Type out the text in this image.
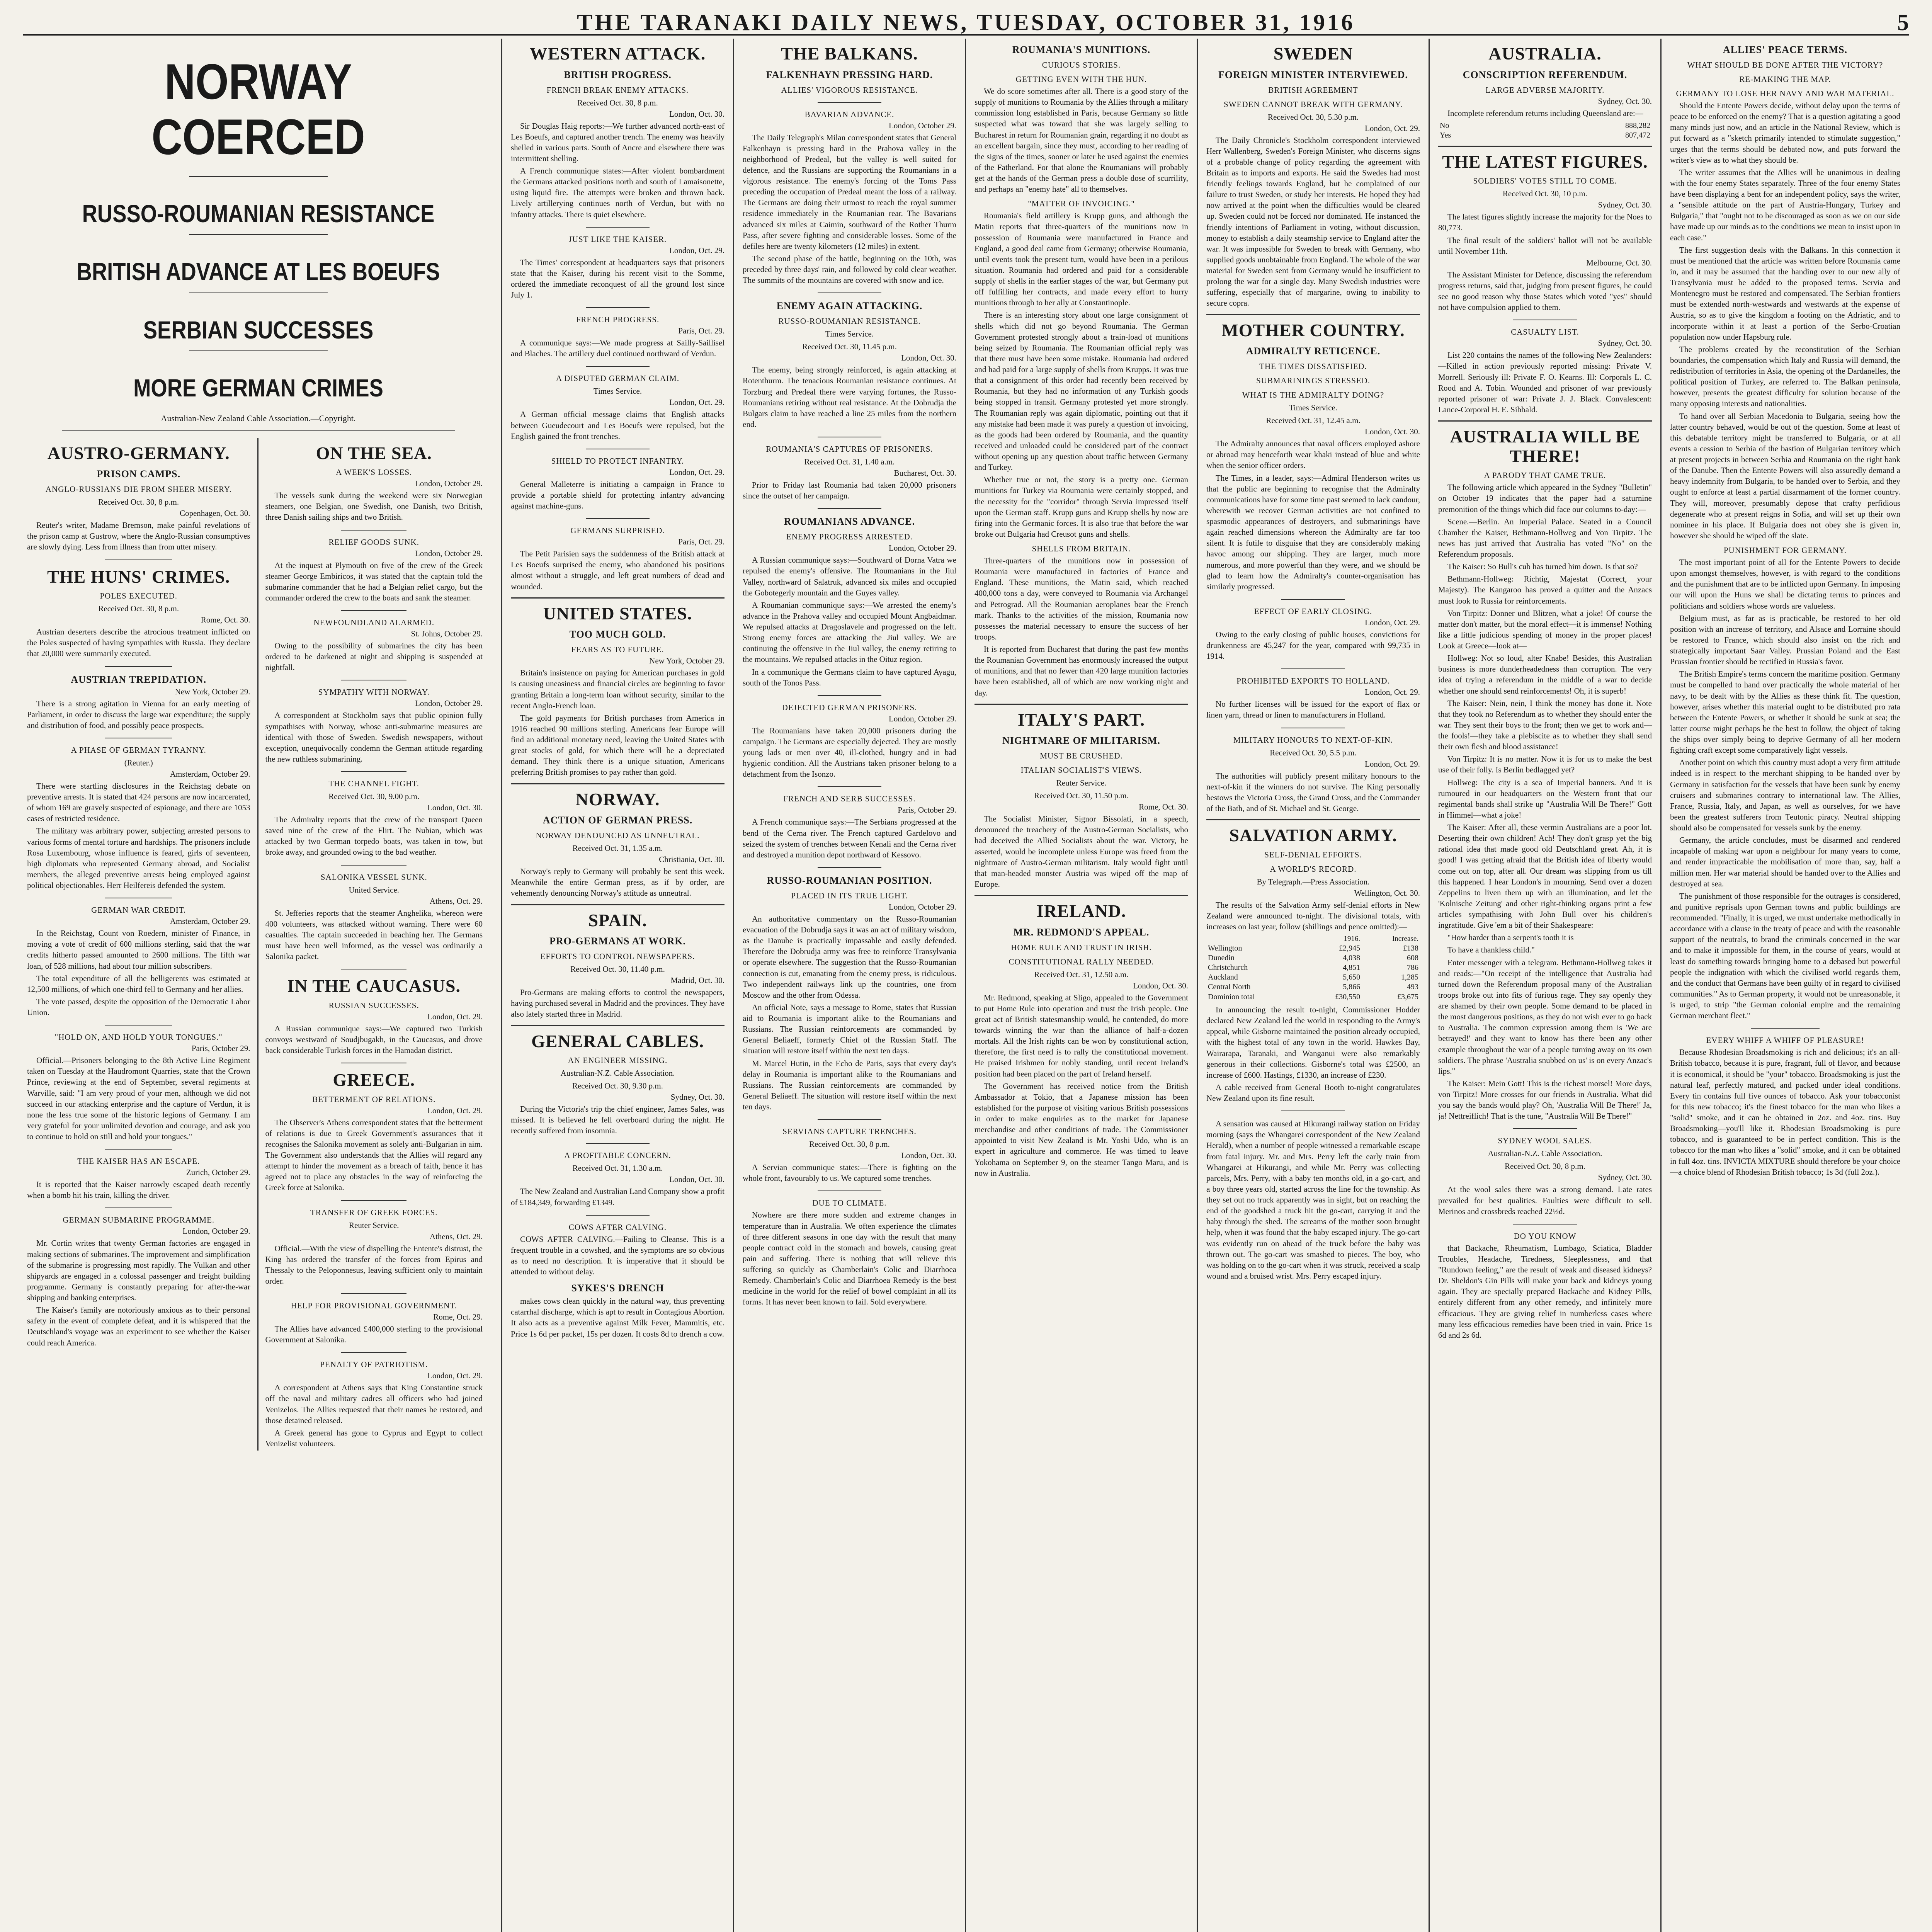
THE TARANAKI DAILY NEWS, TUESDAY, OCTOBER 31, 1916	5
NORWAY COERCED
RUSSO-ROUMANIAN RESISTANCE
BRITISH ADVANCE AT LES BOEUFS
SERBIAN SUCCESSES
MORE GERMAN CRIMES
Australian-New Zealand Cable Association.—Copyright.
AUSTRO-GERMANY.
PRISON CAMPS.
ANGLO-RUSSIANS DIE FROM SHEER MISERY.
Received Oct. 30, 8 p.m.
Copenhagen, Oct. 30.

Reuter's writer, Madame Bremson, make painful revelations of the prison camp at Gustrow, where the Anglo-Russian consumptives are slowly dying. Less from illness than from utter misery.

THE HUNS' CRIMES.
POLES EXECUTED.
Received Oct. 30, 8 p.m.
Rome, Oct. 30.

Austrian deserters describe the atrocious treatment inflicted on the Poles suspected of having sympathies with Russia. They declare that 20,000 were summarily executed.

AUSTRIAN TREPIDATION.
New York, October 29.

There is a strong agitation in Vienna for an early meeting of Parliament, in order to discuss the large war expenditure; the supply and distribution of food, and possibly peace prospects.

A PHASE OF GERMAN TYRANNY.
(Reuter.)
Amsterdam, October 29.

There were startling disclosures in the Reichstag debate on preventive arrests. It is stated that 424 persons are now incarcerated, of whom 169 are gravely suspected of espionage, and there are 1053 cases of restricted residence.

The military was arbitrary power, subjecting arrested persons to various forms of mental torture and hardships. The prisoners include Rosa Luxembourg, whose influence is feared, girls of seventeen, high diplomats who represented Germany abroad, and Socialist members, the alleged preventive arrests being employed against political objectionables. Herr Heilfereis defended the system.

GERMAN WAR CREDIT.
Amsterdam, October 29.

In the Reichstag, Count von Roedern, minister of Finance, in moving a vote of credit of 600 millions sterling, said that the war credits hitherto passed amounted to 2600 millions. The fifth war loan, of 528 millions, had about four million subscribers.

The total expenditure of all the belligerents was estimated at 12,500 millions, of which one-third fell to Germany and her allies.

The vote passed, despite the opposition of the Democratic Labor Union.

"HOLD ON, AND HOLD YOUR TONGUES."
Paris, October 29.

Official.—Prisoners belonging to the 8th Active Line Regiment taken on Tuesday at the Haudromont Quarries, state that the Crown Prince, reviewing at the end of September, several regiments at Warville, said: "I am very proud of your men, although we did not succeed in our attacking enterprise and the capture of Verdun, it is none the less true some of the historic legions of Germany. I am very grateful for your unlimited devotion and courage, and ask you to continue to hold on still and hold your tongues."

THE KAISER HAS AN ESCAPE.
Zurich, October 29.

It is reported that the Kaiser narrowly escaped death recently when a bomb hit his train, killing the driver.

GERMAN SUBMARINE PROGRAMME.
London, October 29.

Mr. Cortin writes that twenty German factories are engaged in making sections of submarines. The improvement and simplification of the submarine is progressing most rapidly. The Vulkan and other shipyards are engaged in a colossal passenger and freight building programme. Germany is constantly preparing for after-the-war shipping and banking enterprises.

The Kaiser's family are notoriously anxious as to their personal safety in the event of complete defeat, and it is whispered that the Deutschland's voyage was an experiment to see whether the Kaiser could reach America.

ON THE SEA.
A WEEK'S LOSSES.
London, October 29.

The vessels sunk during the weekend were six Norwegian steamers, one Belgian, one Swedish, one Danish, two British, three Danish sailing ships and two British.

RELIEF GOODS SUNK.
London, October 29.

At the inquest at Plymouth on five of the crew of the Greek steamer George Embiricos, it was stated that the captain told the submarine commander that he had a Belgian relief cargo, but the commander ordered the crew to the boats and sank the steamer.

NEWFOUNDLAND ALARMED.
St. Johns, October 29.

Owing to the possibility of submarines the city has been ordered to be darkened at night and shipping is suspended at nightfall.

SYMPATHY WITH NORWAY.
London, October 29.

A correspondent at Stockholm says that public opinion fully sympathises with Norway, whose anti-submarine measures are identical with those of Sweden. Swedish newspapers, without exception, unequivocally condemn the German attitude regarding the new ruthless submarining.

THE CHANNEL FIGHT.
Received Oct. 30, 9.00 p.m.
London, Oct. 30.

The Admiralty reports that the crew of the transport Queen saved nine of the crew of the Flirt. The Nubian, which was attacked by two German torpedo boats, was taken in tow, but broke away, and grounded owing to the bad weather.

SALONIKA VESSEL SUNK.
United Service.
Athens, Oct. 29.

St. Jefferies reports that the steamer Anghelika, whereon were 400 volunteers, was attacked without warning. There were 60 casualties. The captain succeeded in beaching her. The Germans must have been well informed, as the vessel was ordinarily a Salonika packet.

IN THE CAUCASUS.
RUSSIAN SUCCESSES.
London, Oct. 29.

A Russian communique says:—We captured two Turkish convoys westward of Soudjbugakh, in the Caucasus, and drove back considerable Turkish forces in the Hamadan district.

GREECE.
BETTERMENT OF RELATIONS.
London, Oct. 29.

The Observer's Athens correspondent states that the betterment of relations is due to Greek Government's assurances that it recognises the Salonika movement as solely anti-Bulgarian in aim. The Government also understands that the Allies will regard any attempt to hinder the movement as a breach of faith, hence it has agreed not to place any obstacles in the way of reinforcing the Greek force at Salonika.

TRANSFER OF GREEK FORCES.
Reuter Service.
Athens, Oct. 29.

Official.—With the view of dispelling the Entente's distrust, the King has ordered the transfer of the forces from Epirus and Thessaly to the Peloponnesus, leaving sufficient only to maintain order.

HELP FOR PROVISIONAL GOVERNMENT.
Rome, Oct. 29.

The Allies have advanced £400,000 sterling to the provisional Government at Salonika.

PENALTY OF PATRIOTISM.
London, Oct. 29.

A correspondent at Athens says that King Constantine struck off the naval and military cadres all officers who had joined Venizelos. The Allies requested that their names be restored, and those detained released.

A Greek general has gone to Cyprus and Egypt to collect Venizelist volunteers.

WESTERN ATTACK.
BRITISH PROGRESS.
FRENCH BREAK ENEMY ATTACKS.
Received Oct. 30, 8 p.m.
London, Oct. 30.

Sir Douglas Haig reports:—We further advanced north-east of Les Boeufs, and captured another trench. The enemy was heavily shelled in various parts. South of Ancre and elsewhere there was intermittent shelling.

A French communique states:—After violent bombardment the Germans attacked positions north and south of Lamaisonette, using liquid fire. The attempts were broken and thrown back. Lively artillerying continues north of Verdun, but with no infantry attacks. There is quiet elsewhere.

JUST LIKE THE KAISER.
London, Oct. 29.

The Times' correspondent at headquarters says that prisoners state that the Kaiser, during his recent visit to the Somme, ordered the immediate reconquest of all the ground lost since July 1.

FRENCH PROGRESS.
Paris, Oct. 29.

A communique says:—We made progress at Sailly-Saillisel and Blaches. The artillery duel continued northward of Verdun.

A DISPUTED GERMAN CLAIM.
Times Service.
London, Oct. 29.

A German official message claims that English attacks between Gueudecourt and Les Boeufs were repulsed, but the English gained the front trenches.

SHIELD TO PROTECT INFANTRY.
London, Oct. 29.

General Malleterre is initiating a campaign in France to provide a portable shield for protecting infantry advancing against machine-guns.

GERMANS SURPRISED.
Paris, Oct. 29.

The Petit Parisien says the suddenness of the British attack at Les Boeufs surprised the enemy, who abandoned his positions almost without a struggle, and left great numbers of dead and wounded.

UNITED STATES.
TOO MUCH GOLD.
FEARS AS TO FUTURE.
New York, October 29.

Britain's insistence on paying for American purchases in gold is causing uneasiness and financial circles are beginning to favor granting Britain a long-term loan without security, similar to the recent Anglo-French loan.

The gold payments for British purchases from America in 1916 reached 90 millions sterling. Americans fear Europe will find an additional monetary need, leaving the United States with great stocks of gold, for which there will be a depreciated demand. They think there is a unique situation, Americans preferring British promises to pay rather than gold.

NORWAY.
ACTION OF GERMAN PRESS.
NORWAY DENOUNCED AS UNNEUTRAL.
Received Oct. 31, 1.35 a.m.
Christiania, Oct. 30.

Norway's reply to Germany will probably be sent this week. Meanwhile the entire German press, as if by order, are vehemently denouncing Norway's attitude as unneutral.

SPAIN.
PRO-GERMANS AT WORK.
EFFORTS TO CONTROL NEWSPAPERS.
Received Oct. 30, 11.40 p.m.
Madrid, Oct. 30.

Pro-Germans are making efforts to control the newspapers, having purchased several in Madrid and the provinces. They have also lately started three in Madrid.

GENERAL CABLES.
AN ENGINEER MISSING.
Australian-N.Z. Cable Association.
Received Oct. 30, 9.30 p.m.
Sydney, Oct. 30.

During the Victoria's trip the chief engineer, James Sales, was missed. It is believed he fell overboard during the night. He recently suffered from insomnia.

A PROFITABLE CONCERN.
Received Oct. 31, 1.30 a.m.
London, Oct. 30.

The New Zealand and Australian Land Company show a profit of £184,349, forwarding £1349.

COWS AFTER CALVING.

COWS AFTER CALVING.—Failing to Cleanse. This is a frequent trouble in a cowshed, and the symptoms are so obvious as to need no description. It is imperative that it should be attended to without delay.

SYKES'S DRENCH

makes cows clean quickly in the natural way, thus preventing catarrhal discharge, which is apt to result in Contagious Abortion. It also acts as a preventive against Milk Fever, Mammitis, etc. Price 1s 6d per packet, 15s per dozen. It costs 8d to drench a cow.

THE BALKANS.
FALKENHAYN PRESSING HARD.
ALLIES' VIGOROUS RESISTANCE.
BAVARIAN ADVANCE.
London, October 29.

The Daily Telegraph's Milan correspondent states that General Falkenhayn is pressing hard in the Prahova valley in the neighborhood of Predeal, but the valley is well suited for defence, and the Russians are supporting the Roumanians in a vigorous resistance. The enemy's forcing of the Toms Pass preceding the occupation of Predeal meant the loss of a railway. The Germans are doing their utmost to reach the royal summer residence immediately in the Roumanian rear. The Bavarians advanced six miles at Caimin, southward of the Rother Thurm Pass, after severe fighting and considerable losses. Some of the defiles here are twenty kilometers (12 miles) in extent.

The second phase of the battle, beginning on the 10th, was preceded by three days' rain, and followed by cold clear weather. The summits of the mountains are covered with snow and ice.

ENEMY AGAIN ATTACKING.
RUSSO-ROUMANIAN RESISTANCE.
Times Service.
Received Oct. 30, 11.45 p.m.
London, Oct. 30.

The enemy, being strongly reinforced, is again attacking at Rotenthurm. The tenacious Roumanian resistance continues. At Torzburg and Predeal there were varying fortunes, the Russo-Roumanians retiring without real resistance. At the Dobrudja the Bulgars claim to have reached a line 25 miles from the northern end.

ROUMANIA'S CAPTURES OF PRISONERS.
Received Oct. 31, 1.40 a.m.
Bucharest, Oct. 30.

Prior to Friday last Roumania had taken 20,000 prisoners since the outset of her campaign.

ROUMANIANS ADVANCE.
ENEMY PROGRESS ARRESTED.
London, October 29.

A Russian communique says:—Southward of Dorna Vatra we repulsed the enemy's offensive. The Roumanians in the Jiul Valley, northward of Salatruk, advanced six miles and occupied the Gobotegerly mountain and the Guyes valley.

A Roumanian communique says:—We arrested the enemy's advance in the Prahova valley and occupied Mount Angbaidmar. We repulsed attacks at Dragoslavele and progressed on the left. Strong enemy forces are attacking the Jiul valley. We are continuing the offensive in the Jiul valley, the enemy retiring to the mountains. We repulsed attacks in the Oituz region.

In a communique the Germans claim to have captured Ayagu, south of the Tonos Pass.

DEJECTED GERMAN PRISONERS.
London, October 29.

The Roumanians have taken 20,000 prisoners during the campaign. The Germans are especially dejected. They are mostly young lads or men over 40, ill-clothed, hungry and in bad hygienic condition. All the Austrians taken prisoner belong to a detachment from the Isonzo.

FRENCH AND SERB SUCCESSES.
Paris, October 29.

A French communique says:—The Serbians progressed at the bend of the Cerna river. The French captured Gardelovo and seized the system of trenches between Kenali and the Cerna river and destroyed a munition depot northward of Kessovo.

RUSSO-ROUMANIAN POSITION.
PLACED IN ITS TRUE LIGHT.
London, October 29.

An authoritative commentary on the Russo-Roumanian evacuation of the Dobrudja says it was an act of military wisdom, as the Danube is practically impassable and easily defended. Therefore the Dobrudja army was free to reinforce Transylvania or operate elsewhere. The suggestion that the Russo-Roumanian connection is cut, emanating from the enemy press, is ridiculous. Two independent railways link up the countries, one from Moscow and the other from Odessa.

An official Note, says a message to Rome, states that Russian aid to Roumania is important alike to the Roumanians and Russians. The Russian reinforcements are commanded by General Beliaeff, formerly Chief of the Russian Staff. The situation will restore itself within the next ten days.

M. Marcel Hutin, in the Echo de Paris, says that every day's delay in Roumania is important alike to the Roumanians and Russians. The Russian reinforcements are commanded by General Beliaeff. The situation will restore itself within the next ten days.

SERVIANS CAPTURE TRENCHES.
Received Oct. 30, 8 p.m.
London, Oct. 30.

A Servian communique states:—There is fighting on the whole front, favourably to us. We captured some trenches.

DUE TO CLIMATE.

Nowhere are there more sudden and extreme changes in temperature than in Australia. We often experience the climates of three different seasons in one day with the result that many people contract cold in the stomach and bowels, causing great pain and suffering. There is nothing that will relieve this suffering so quickly as Chamberlain's Colic and Diarrhoea Remedy. Chamberlain's Colic and Diarrhoea Remedy is the best medicine in the world for the relief of bowel complaint in all its forms. It has never been known to fail. Sold everywhere.

ROUMANIA'S MUNITIONS.
CURIOUS STORIES.
GETTING EVEN WITH THE HUN.

We do score sometimes after all. There is a good story of the supply of munitions to Roumania by the Allies through a military commission long established in Paris, because Germany so little suspected what was toward that she was largely selling to Bucharest in return for Roumanian grain, regarding it no doubt as an excellent bargain, since they must, according to her reading of the signs of the times, sooner or later be used against the enemies of the Fatherland. For that alone the Roumanians will probably get at the hands of the German press a double dose of scurrility, and perhaps an "enemy hate" all to themselves.

"MATTER OF INVOICING."

Roumania's field artillery is Krupp guns, and although the Matin reports that three-quarters of the munitions now in possession of Roumania were manufactured in France and England, a good deal came from Germany; otherwise Roumania, until events took the present turn, would have been in a perilous situation. Roumania had ordered and paid for a considerable supply of shells in the earlier stages of the war, but Germany put off fulfilling her contracts, and made every effort to hurry munitions through to her ally at Constantinople.

There is an interesting story about one large consignment of shells which did not go beyond Roumania. The German Government protested strongly about a train-load of munitions being seized by Roumania. The Roumanian official reply was that there must have been some mistake. Roumania had ordered and had paid for a large supply of shells from Krupps. It was true that a consignment of this order had recently been received by Roumania, but they had no information of any Turkish goods being stopped in transit. Germany protested yet more strongly. The Roumanian reply was again diplomatic, pointing out that if any mistake had been made it was purely a question of invoicing, as the goods had been ordered by Roumania, and the quantity received and unloaded could be considered part of the contract without opening up any question about traffic between Germany and Turkey.

Whether true or not, the story is a pretty one. German munitions for Turkey via Roumania were certainly stopped, and the necessity for the "corridor" through Servia impressed itself upon the German staff. Krupp guns and Krupp shells by now are firing into the Germanic forces. It is also true that before the war broke out Bulgaria had Creusot guns and shells.

SHELLS FROM BRITAIN.

Three-quarters of the munitions now in possession of Roumania were manufactured in factories of France and England. These munitions, the Matin said, which reached 400,000 tons a day, were conveyed to Roumania via Archangel and Petrograd. All the Roumanian aeroplanes bear the French mark. Thanks to the activities of the mission, Roumania now possesses the material necessary to ensure the success of her troops.

It is reported from Bucharest that during the past few months the Roumanian Government has enormously increased the output of munitions, and that no fewer than 420 large munition factories have been established, all of which are now working night and day.

ITALY'S PART.
NIGHTMARE OF MILITARISM.
MUST BE CRUSHED.
ITALIAN SOCIALIST'S VIEWS.
Reuter Service.
Received Oct. 30, 11.50 p.m.
Rome, Oct. 30.

The Socialist Minister, Signor Bissolati, in a speech, denounced the treachery of the Austro-German Socialists, who had deceived the Allied Socialists about the war. Victory, he asserted, would be incomplete unless Europe was freed from the nightmare of Austro-German militarism. Italy would fight until that man-headed monster Austria was wiped off the map of Europe.

IRELAND.
MR. REDMOND'S APPEAL.
HOME RULE AND TRUST IN IRISH.
CONSTITUTIONAL RALLY NEEDED.
Received Oct. 31, 12.50 a.m.
London, Oct. 30.

Mr. Redmond, speaking at Sligo, appealed to the Government to put Home Rule into operation and trust the Irish people. One great act of British statesmanship would, he contended, do more towards winning the war than the alliance of half-a-dozen mortals. All the Irish rights can be won by constitutional action, therefore, the first need is to rally the constitutional movement. He praised Irishmen for nobly standing, until recent Ireland's position had been placed on the part of Ireland herself.

The Government has received notice from the British Ambassador at Tokio, that a Japanese mission has been established for the purpose of visiting various British possessions in order to make enquiries as to the market for Japanese merchandise and other conditions of trade. The Commissioner appointed to visit New Zealand is Mr. Yoshi Udo, who is an expert in agriculture and commerce. He was timed to leave Yokohama on September 9, on the steamer Tango Maru, and is now in Australia.

SWEDEN
FOREIGN MINISTER INTERVIEWED.
BRITISH AGREEMENT
SWEDEN CANNOT BREAK WITH GERMANY.
Received Oct. 30, 5.30 p.m.
London, Oct. 29.

The Daily Chronicle's Stockholm correspondent interviewed Herr Wallenberg, Sweden's Foreign Minister, who discerns signs of a probable change of policy regarding the agreement with Britain as to imports and exports. He said the Swedes had most friendly feelings towards England, but he complained of our failure to trust Sweden, or study her interests. He hoped they had now arrived at the point when the difficulties would be cleared up. Sweden could not be forced nor dominated. He instanced the friendly intentions of Parliament in voting, without discussion, money to establish a daily steamship service to England after the war. It was impossible for Sweden to break with Germany, who supplied goods unobtainable from England. The whole of the war material for Sweden sent from Germany would be insufficient to prolong the war for a single day. Many Swedish industries were suffering, especially that of margarine, owing to inability to secure copra.

MOTHER COUNTRY.
ADMIRALTY RETICENCE.
THE TIMES DISSATISFIED.
SUBMARININGS STRESSED.
WHAT IS THE ADMIRALTY DOING?
Times Service.
Received Oct. 31, 12.45 a.m.
London, Oct. 30.

The Admiralty announces that naval officers employed ashore or abroad may henceforth wear khaki instead of blue and white when the senior officer orders.

The Times, in a leader, says:—Admiral Henderson writes us that the public are beginning to recognise that the Admiralty communications have for some time past seemed to lack candour, wherewith we recover German activities are not confined to spasmodic appearances of destroyers, and submarinings have again reached dimensions whereon the Admiralty are far too silent. It is futile to disguise that they are considerably making havoc among our shipping. They are larger, much more numerous, and more powerful than they were, and we should be glad to learn how the Admiralty's counter-organisation has similarly progressed.

EFFECT OF EARLY CLOSING.
London, Oct. 29.

Owing to the early closing of public houses, convictions for drunkenness are 45,247 for the year, compared with 99,735 in 1914.

PROHIBITED EXPORTS TO HOLLAND.
London, Oct. 29.

No further licenses will be issued for the export of flax or linen yarn, thread or linen to manufacturers in Holland.

MILITARY HONOURS TO NEXT-OF-KIN.
Received Oct. 30, 5.5 p.m.
London, Oct. 29.

The authorities will publicly present military honours to the next-of-kin if the winners do not survive. The King personally bestows the Victoria Cross, the Grand Cross, and the Commander of the Bath, and of St. Michael and St. George.

SALVATION ARMY.
SELF-DENIAL EFFORTS.
A WORLD'S RECORD.
By Telegraph.—Press Association.
Wellington, Oct. 30.

The results of the Salvation Army self-denial efforts in New Zealand were announced to-night. The divisional totals, with increases on last year, follow (shillings and pence omitted):—

	1916.	Increase.
Wellington	£2,945	£138
Dunedin	4,038	608
Christchurch	4,851	786
Auckland	5,650	1,285
Central North	5,866	493
Dominion total	£30,550	£3,675

In announcing the result to-night, Commissioner Hodder declared New Zealand led the world in responding to the Army's appeal, while Gisborne maintained the position already occupied, with the highest total of any town in the world. Hawkes Bay, Wairarapa, Taranaki, and Wanganui were also remarkably generous in their collections. Gisborne's total was £2500, an increase of £600. Hastings, £1330, an increase of £230.

A cable received from General Booth to-night congratulates New Zealand upon its fine result.

A sensation was caused at Hikurangi railway station on Friday morning (says the Whangarei correspondent of the New Zealand Herald), when a number of people witnessed a remarkable escape from fatal injury. Mr. and Mrs. Perry left the early train from Whangarei at Hikurangi, and while Mr. Perry was collecting parcels, Mrs. Perry, with a baby ten months old, in a go-cart, and a boy three years old, started across the line for the township. As they set out no truck apparently was in sight, but on reaching the end of the goodshed a truck hit the go-cart, carrying it and the baby through the shed. The screams of the mother soon brought help, when it was found that the baby escaped injury. The go-cart was evidently run on ahead of the truck before the baby was thrown out. The go-cart was smashed to pieces. The boy, who was holding on to the go-cart when it was struck, received a scalp wound and a bruised wrist. Mrs. Perry escaped injury.

AUSTRALIA.
CONSCRIPTION REFERENDUM.
LARGE ADVERSE MAJORITY.
Sydney, Oct. 30.

Incomplete referendum returns including Queensland are:—

No	888,282
Yes	807,472
THE LATEST FIGURES.
SOLDIERS' VOTES STILL TO COME.
Received Oct. 30, 10 p.m.
Sydney, Oct. 30.

The latest figures slightly increase the majority for the Noes to 80,773.

The final result of the soldiers' ballot will not be available until November 11th.

Melbourne, Oct. 30.

The Assistant Minister for Defence, discussing the referendum progress returns, said that, judging from present figures, he could see no good reason why those States which voted "yes" should not have compulsion applied to them.

CASUALTY LIST.
Sydney, Oct. 30.

List 220 contains the names of the following New Zealanders:—Killed in action previously reported missing: Private V. Morrell. Seriously ill: Private F. O. Kearns. Ill: Corporals L. C. Rood and A. Tobin. Wounded and prisoner of war previously reported prisoner of war: Private J. J. Black. Convalescent: Lance-Corporal H. E. Sibbald.

AUSTRALIA WILL BE THERE!
A PARODY THAT CAME TRUE.

The following article which appeared in the Sydney "Bulletin" on October 19 indicates that the paper had a saturnine premonition of the things which did face our columns to-day:—

Scene.—Berlin. An Imperial Palace. Seated in a Council Chamber the Kaiser, Bethmann-Hollweg and Von Tirpitz. The news has just arrived that Australia has voted "No" on the Referendum proposals.

The Kaiser: So Bull's cub has turned him down. Is that so?

Bethmann-Hollweg: Richtig, Majestat (Correct, your Majesty). The Kangaroo has proved a quitter and the Anzacs must look to Russia for reinforcements.

Von Tirpitz: Donner und Blitzen, what a joke! Of course the matter don't matter, but the moral effect—it is immense! Nothing like a little judicious spending of money in the proper places! Look at Greece—look at—

Hollweg: Not so loud, alter Knabe! Besides, this Australian business is more dunderheadedness than corruption. The very idea of trying a referendum in the middle of a war to decide whether one should send reinforcements! Oh, it is superb!

The Kaiser: Nein, nein, I think the money has done it. Note that they took no Referendum as to whether they should enter the war. They sent their boys to the front; then we get to work and—the fools!—they take a plebiscite as to whether they shall send their own flesh and blood assistance!

Von Tirpitz: It is no matter. Now it is for us to make the best use of their folly. Is Berlin bedlagged yet?

Hollweg: The city is a sea of Imperial banners. And it is rumoured in our headquarters on the Western front that our regimental bands shall strike up "Australia Will Be There!" Gott in Himmel—what a joke!

The Kaiser: After all, these vermin Australians are a poor lot. Deserting their own children! Ach! They don't grasp yet the big rational idea that made good old Deutschland great. Ah, it is good! I was getting afraid that the British idea of liberty would come out on top, after all. Our dream was slipping from us till this happened. I hear London's in mourning. Send over a dozen Zeppelins to liven them up with an illumination, and let the 'Kolnische Zeitung' and other right-thinking organs print a few articles sympathising with John Bull over his children's ingratitude. Give 'em a bit of their Shakespeare:

"How harder than a serpent's tooth it is

To have a thankless child."

Enter messenger with a telegram. Bethmann-Hollweg takes it and reads:—"On receipt of the intelligence that Australia had turned down the Referendum proposal many of the Australian troops broke out into fits of furious rage. They say openly they are shamed by their own people. Some demand to be placed in the most dangerous positions, as they do not wish ever to go back to Australia. The common expression among them is 'We are betrayed!' and they want to know has there been any other example throughout the war of a people turning away on its own soldiers. The phrase 'Australia snubbed on us' is on every Anzac's lips."

The Kaiser: Mein Gott! This is the richest morsel! More days, von Tirpitz! More crosses for our friends in Australia. What did you say the bands would play? Oh, 'Australia Will Be There!' Ja, ja! Nettreiflich! That is the tune, "Australia Will Be There!"

SYDNEY WOOL SALES.
Australian-N.Z. Cable Association.
Received Oct. 30, 8 p.m.
Sydney, Oct. 30.

At the wool sales there was a strong demand. Late rates prevailed for best qualities. Faulties were difficult to sell. Merinos and crossbreds reached 22½d.

DO YOU KNOW

that Backache, Rheumatism, Lumbago, Sciatica, Bladder Troubles, Headache, Tiredness, Sleeplessness, and that "Rundown feeling," are the result of weak and diseased kidneys? Dr. Sheldon's Gin Pills will make your back and kidneys young again. They are specially prepared Backache and Kidney Pills, entirely different from any other remedy, and infinitely more efficacious. They are giving relief in numberless cases where many less efficacious remedies have been tried in vain. Price 1s 6d and 2s 6d.

ALLIES' PEACE TERMS.
WHAT SHOULD BE DONE AFTER THE VICTORY?
RE-MAKING THE MAP.
GERMANY TO LOSE HER NAVY AND WAR MATERIAL.

Should the Entente Powers decide, without delay upon the terms of peace to be enforced on the enemy? That is a question agitating a good many minds just now, and an article in the National Review, which is put forward as a "sketch primarily intended to stimulate suggestion," urges that the terms should be debated now, and puts forward the writer's view as to what they should be.

The writer assumes that the Allies will be unanimous in dealing with the four enemy States separately. Three of the four enemy States have been displaying a bent for an independent policy, says the writer, a "sensible attitude on the part of Austria-Hungary, Turkey and Bulgaria," that "ought not to be discouraged as soon as we on our side have made up our minds as to the conditions we mean to insist upon in each case."

The first suggestion deals with the Balkans. In this connection it must be mentioned that the article was written before Roumania came in, and it may be assumed that the handing over to our new ally of Transylvania must be added to the proposed terms. Servia and Montenegro must be restored and compensated. The Serbian frontiers must be extended north-westwards and westwards at the expense of Austria, so as to give the kingdom a footing on the Adriatic, and to incorporate within it at least a portion of the Serbo-Croatian population now under Hapsburg rule.

The problems created by the reconstitution of the Serbian boundaries, the compensation which Italy and Russia will demand, the redistribution of territories in Asia, the opening of the Dardanelles, the political position of Turkey, are referred to. The Balkan peninsula, however, presents the greatest difficulty for solution because of the many opposing interests and nationalities.

To hand over all Serbian Macedonia to Bulgaria, seeing how the latter country behaved, would be out of the question. Some at least of this debatable territory might be transferred to Bulgaria, or at all events a cession to Serbia of the bastion of Bulgarian territory which at present projects in between Serbia and Roumania on the right bank of the Danube. Then the Entente Powers will also assuredly demand a heavy indemnity from Bulgaria, to be handed over to Serbia, and they ought to enforce at least a partial disarmament of the former country. They will, moreover, presumably depose that crafty perfidious degenerate who at present reigns in Sofia, and will set up their own nominee in his place. If Bulgaria does not obey she is given in, however she should be wiped off the slate.

PUNISHMENT FOR GERMANY.

The most important point of all for the Entente Powers to decide upon amongst themselves, however, is with regard to the conditions and the punishment that are to be inflicted upon Germany. In imposing our will upon the Huns we shall be dictating terms to princes and politicians and soldiers whose words are valueless.

Belgium must, as far as is practicable, be restored to her old position with an increase of territory, and Alsace and Lorraine should be restored to France, which should also insist on the rich and strategically important Saar Valley. Prussian Poland and the East Prussian frontier should be rectified in Russia's favor.

The British Empire's terms concern the maritime position. Germany must be compelled to hand over practically the whole material of her navy, to be dealt with by the Allies as these think fit. The question, however, arises whether this material ought to be distributed pro rata between the Entente Powers, or whether it should be sunk at sea; the latter course might perhaps be the best to follow, the object of taking the ships over simply being to deprive Germany of all her modern fighting craft except some comparatively light vessels.

Another point on which this country must adopt a very firm attitude indeed is in respect to the merchant shipping to be handed over by Germany in satisfaction for the vessels that have been sunk by enemy cruisers and submarines contrary to international law. The Allies, France, Russia, Italy, and Japan, as well as ourselves, for we have been the greatest sufferers from Teutonic piracy. Neutral shipping should also be compensated for vessels sunk by the enemy.

Germany, the article concludes, must be disarmed and rendered incapable of making war upon a neighbour for many years to come, and render impracticable the mobilisation of more than, say, half a million men. Her war material should be handed over to the Allies and destroyed at sea.

The punishment of those responsible for the outrages is considered, and punitive reprisals upon German towns and public buildings are recommended. "Finally, it is urged, we must undertake methodically in accordance with a clause in the treaty of peace and with the reasonable support of the neutrals, to brand the criminals concerned in the war and to make it impossible for them, in the course of years, would at least do something towards bringing home to a debased but powerful people the indignation with which the civilised world regards them, and the conduct that Germans have been guilty of in regard to civilised communities." As to German property, it would not be unreasonable, it is urged, to strip "the German colonial empire and the remaining German merchant fleet."

EVERY WHIFF A WHIFF OF PLEASURE!

Because Rhodesian Broadsmoking is rich and delicious; it's an all-British tobacco, because it is pure, fragrant, full of flavor, and because it is economical, it should be "your" tobacco. Broadsmoking is just the natural leaf, perfectly matured, and packed under ideal conditions. Every tin contains full five ounces of tobacco. Ask your tobacconist for this new tobacco; it's the finest tobacco for the man who likes a "solid" smoke, and it can be obtained in 2oz. and 4oz. tins. Buy Broadsmoking—you'll like it. Rhodesian Broadsmoking is pure tobacco, and is guaranteed to be in perfect condition. This is the tobacco for the man who likes a "solid" smoke, and it can be obtained in full 4oz. tins. INVICTA MIXTURE should therefore be your choice—a choice blend of Rhodesian British tobacco; 1s 3d (full 2oz.).
